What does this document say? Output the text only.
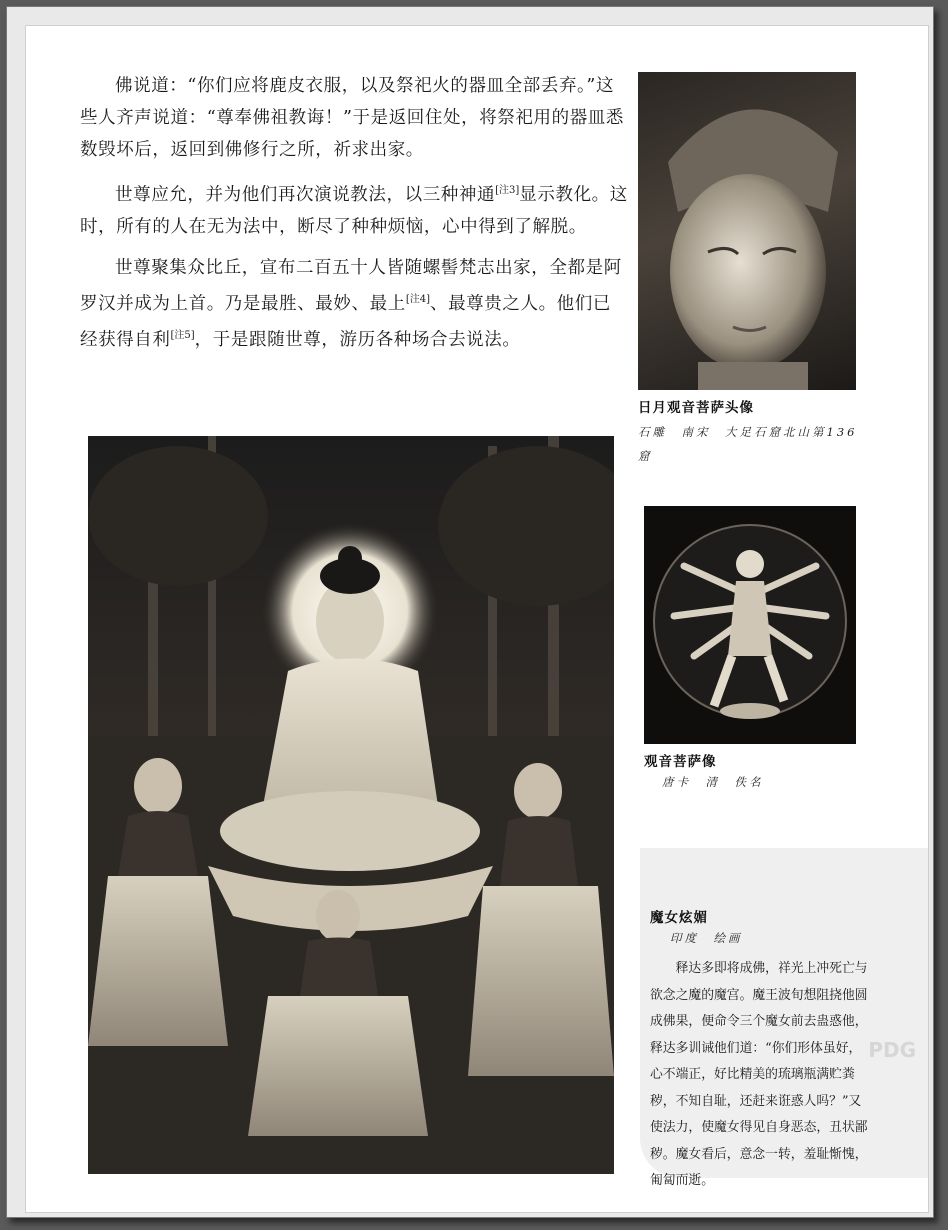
佛说道：“你们应将鹿皮衣服，以及祭祀火的器皿全部丢弃。”这些人齐声说道：“尊奉佛祖教诲！”于是返回住处，将祭祀用的器皿悉数毁坏后，返回到佛修行之所，祈求出家。

世尊应允，并为他们再次演说教法，以三种神通[注3]显示教化。这时，所有的人在无为法中，断尽了种种烦恼，心中得到了解脱。

世尊聚集众比丘，宣布二百五十人皆随螺髻梵志出家，全都是阿罗汉并成为上首。乃是最胜、最妙、最上[注4]、最尊贵之人。他们已经获得自利[注5]，于是跟随世尊，游历各种场合去说法。

日月观音菩萨头像
石雕　南宋　大足石窟北山第136窟
观音菩萨像
唐卡　清　佚名
PDG
魔女炫媚
印度　绘画
释达多即将成佛，祥光上冲死亡与欲念之魔的魔宫。魔王波旬想阻挠他圆成佛果，便命令三个魔女前去蛊惑他，释达多训诫他们道：“你们形体虽好，心不端正，好比精美的琉璃瓶满贮粪秽，不知自耻，还赶来诳惑人吗？”又使法力，使魔女得见自身恶态，丑状鄙秽。魔女看后，意念一转，羞耻惭愧，匍匐而逝。
